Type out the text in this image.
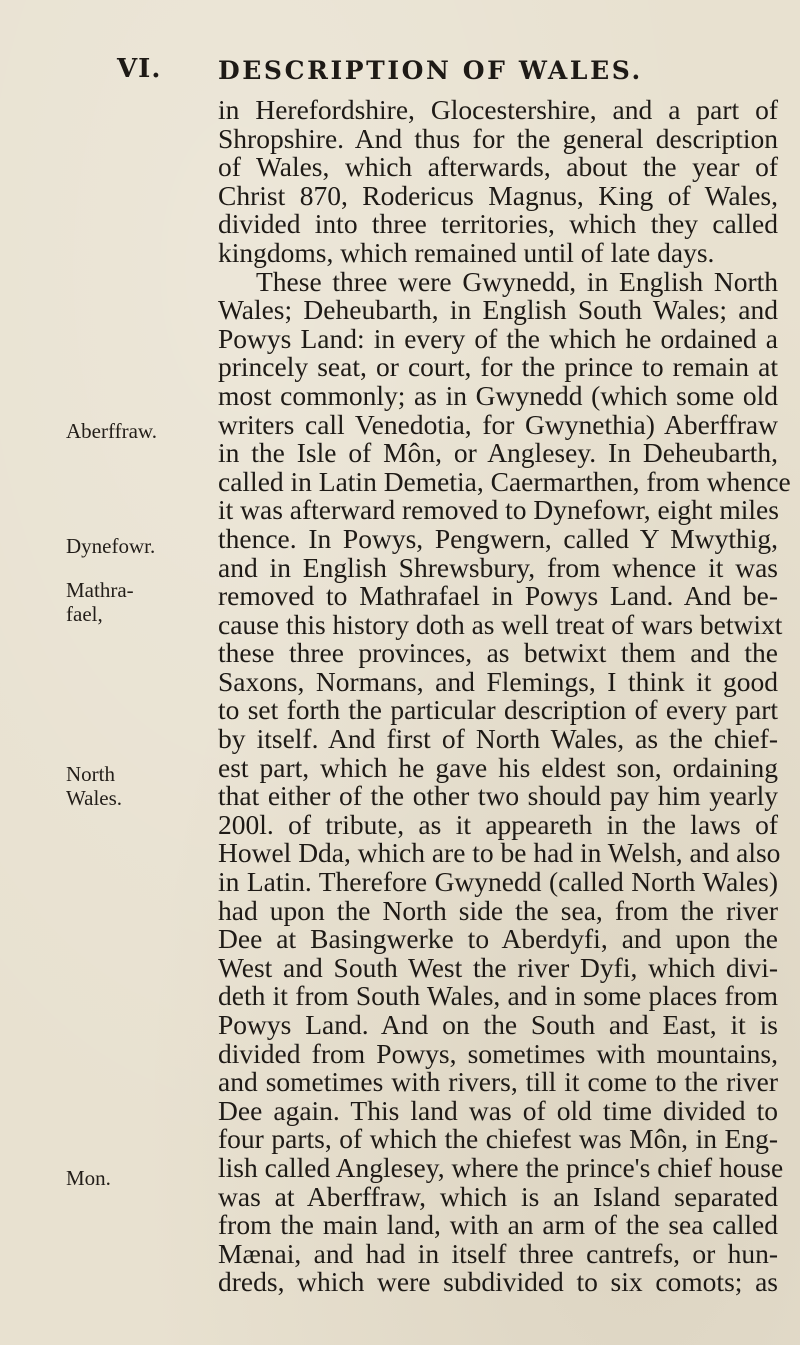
VI. DESCRIPTION OF WALES.
Aberffraw.
Dynefowr.
Mathra-
fael,
North
Wales.
Mon.
in Herefordshire, Glocestershire, and a part of
Shropshire. And thus for the general description
of Wales, which afterwards, about the year of
Christ 870, Rodericus Magnus, King of Wales,
divided into three territories, which they called
kingdoms, which remained until of late days.
These three were Gwynedd, in English North
Wales; Deheubarth, in English South Wales; and
Powys Land: in every of the which he ordained a
princely seat, or court, for the prince to remain at
most commonly; as in Gwynedd (which some old
writers call Venedotia, for Gwynethia) Aberffraw
in the Isle of Môn, or Anglesey. In Deheubarth,
called in Latin Demetia, Caermarthen, from whence
it was afterward removed to Dynefowr, eight miles
thence. In Powys, Pengwern, called Y Mwythig,
and in English Shrewsbury, from whence it was
removed to Mathrafael in Powys Land. And be-
cause this history doth as well treat of wars betwixt
these three provinces, as betwixt them and the
Saxons, Normans, and Flemings, I think it good
to set forth the particular description of every part
by itself. And first of North Wales, as the chief-
est part, which he gave his eldest son, ordaining
that either of the other two should pay him yearly
200l. of tribute, as it appeareth in the laws of
Howel Dda, which are to be had in Welsh, and also
in Latin. Therefore Gwynedd (called North Wales)
had upon the North side the sea, from the river
Dee at Basingwerke to Aberdyfi, and upon the
West and South West the river Dyfi, which divi-
deth it from South Wales, and in some places from
Powys Land. And on the South and East, it is
divided from Powys, sometimes with mountains,
and sometimes with rivers, till it come to the river
Dee again. This land was of old time divided to
four parts, of which the chiefest was Môn, in Eng-
lish called Anglesey, where the prince's chief house
was at Aberffraw, which is an Island separated
from the main land, with an arm of the sea called
Mænai, and had in itself three cantrefs, or hun-
dreds, which were subdivided to six comots; as
